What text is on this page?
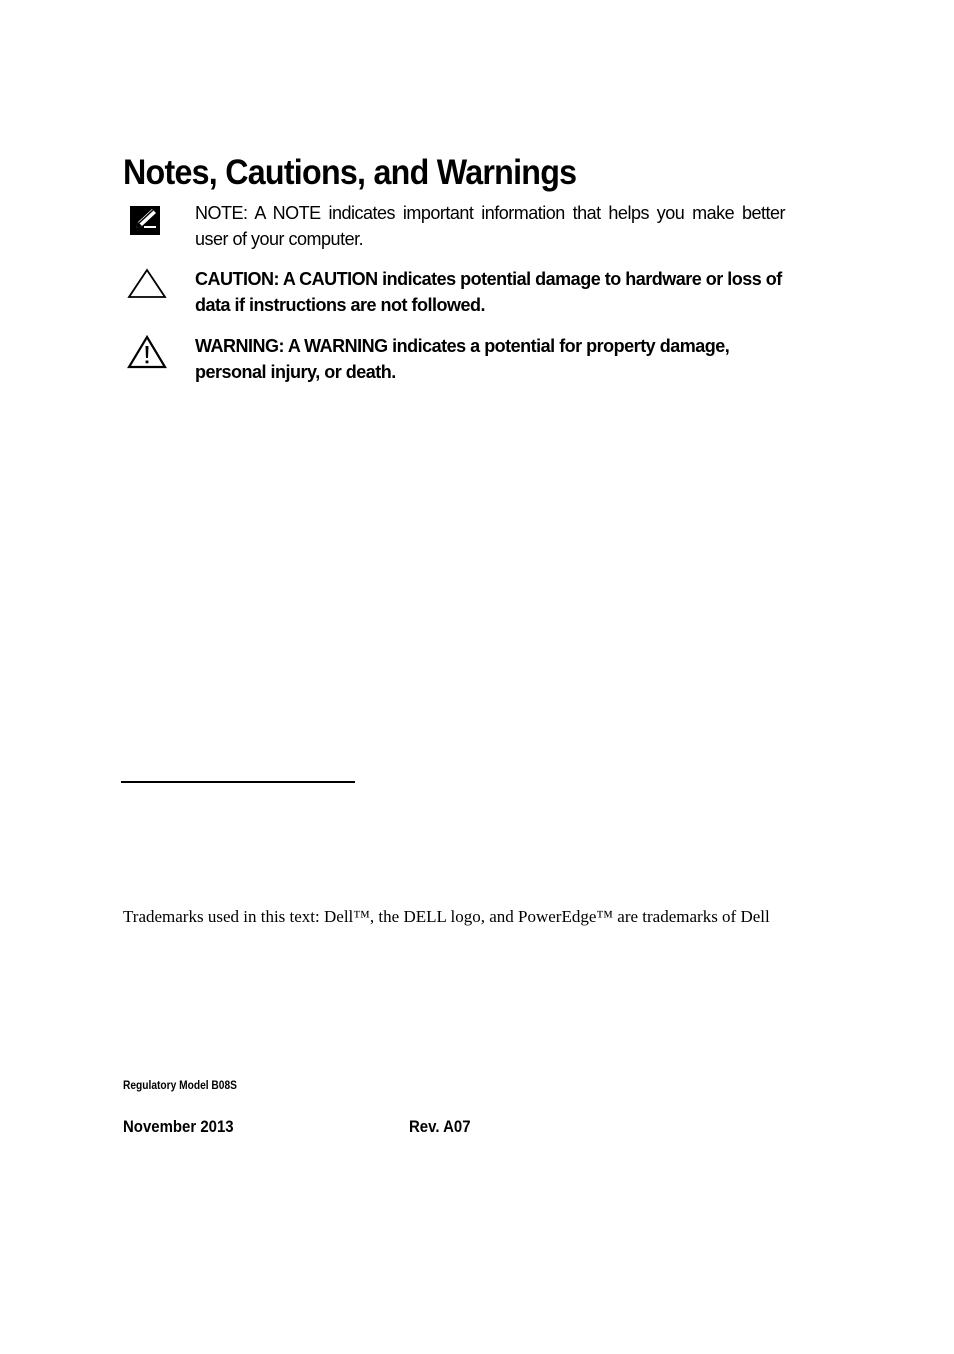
Notes, Cautions, and Warnings
NOTE: A NOTE indicates important information that helps you make better user of your computer.
CAUTION: A CAUTION indicates potential damage to hardware or loss of data if instructions are not followed.
WARNING: A WARNING indicates a potential for property damage, personal injury, or death.
Trademarks used in this text: Dell™, the DELL logo, and PowerEdge™ are trademarks of Dell
Regulatory Model B08S
November 2013	Rev. A07
